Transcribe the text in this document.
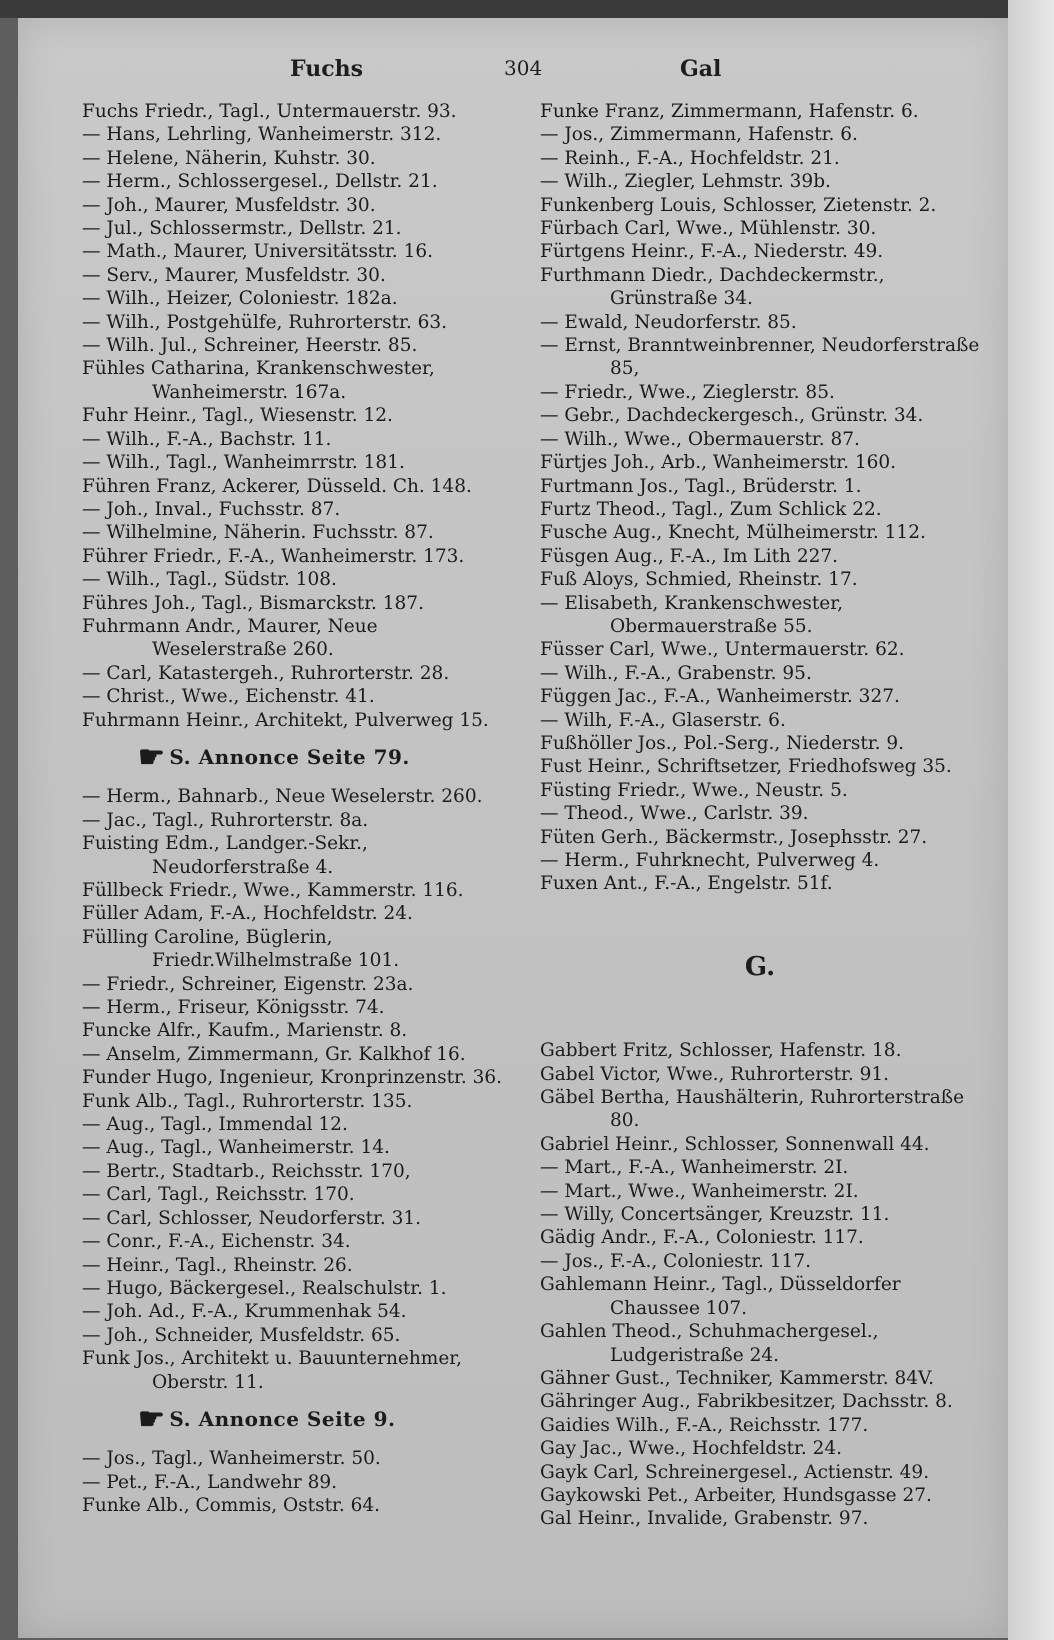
Fuchs	304	Gal
Fuchs Friedr., Tagl., Untermauerstr. 93.
— Hans, Lehrling, Wanheimerstr. 312.
— Helene, Näherin, Kuhstr. 30.
— Herm., Schlossergesel., Dellstr. 21.
— Joh., Maurer, Musfeldstr. 30.
— Jul., Schlossermstr., Dellstr. 21.
— Math., Maurer, Universitätsstr. 16.
— Serv., Maurer, Musfeldstr. 30.
— Wilh., Heizer, Coloniestr. 182a.
— Wilh., Postgehülfe, Ruhrorterstr. 63.
— Wilh. Jul., Schreiner, Heerstr. 85.
Fühles Catharina, Krankenschwester, Wanheimerstr. 167a.
Fuhr Heinr., Tagl., Wiesenstr. 12.
— Wilh., F.-A., Bachstr. 11.
— Wilh., Tagl., Wanheimrrstr. 181.
Führen Franz, Ackerer, Düsseld. Ch. 148.
— Joh., Inval., Fuchsstr. 87.
— Wilhelmine, Näherin. Fuchsstr. 87.
Führer Friedr., F.-A., Wanheimerstr. 173.
— Wilh., Tagl., Südstr. 108.
Führes Joh., Tagl., Bismarckstr. 187.
Fuhrmann Andr., Maurer, Neue Weselerstraße 260.
— Carl, Katastergeh., Ruhrorterstr. 28.
— Christ., Wwe., Eichenstr. 41.
Fuhrmann Heinr., Architekt, Pulverweg 15.
☛ S. Annonce Seite 79.
— Herm., Bahnarb., Neue Weselerstr. 260.
— Jac., Tagl., Ruhrorterstr. 8a.
Fuisting Edm., Landger.-Sekr., Neudorferstraße 4.
Füllbeck Friedr., Wwe., Kammerstr. 116.
Füller Adam, F.-A., Hochfeldstr. 24.
Fülling Caroline, Büglerin, Friedr.Wilhelmstraße 101.
— Friedr., Schreiner, Eigenstr. 23a.
— Herm., Friseur, Königsstr. 74.
Funcke Alfr., Kaufm., Marienstr. 8.
— Anselm, Zimmermann, Gr. Kalkhof 16.
Funder Hugo, Ingenieur, Kronprinzenstr. 36.
Funk Alb., Tagl., Ruhrorterstr. 135.
— Aug., Tagl., Immendal 12.
— Aug., Tagl., Wanheimerstr. 14.
— Bertr., Stadtarb., Reichsstr. 170,
— Carl, Tagl., Reichsstr. 170.
— Carl, Schlosser, Neudorferstr. 31.
— Conr., F.-A., Eichenstr. 34.
— Heinr., Tagl., Rheinstr. 26.
— Hugo, Bäckergesel., Realschulstr. 1.
— Joh. Ad., F.-A., Krummenhak 54.
— Joh., Schneider, Musfeldstr. 65.
Funk Jos., Architekt u. Bauunternehmer, Oberstr. 11.
☛ S. Annonce Seite 9.
— Jos., Tagl., Wanheimerstr. 50.
— Pet., F.-A., Landwehr 89.
Funke Alb., Commis, Oststr. 64.
Funke Franz, Zimmermann, Hafenstr. 6.
— Jos., Zimmermann, Hafenstr. 6.
— Reinh., F.-A., Hochfeldstr. 21.
— Wilh., Ziegler, Lehmstr. 39b.
Funkenberg Louis, Schlosser, Zietenstr. 2.
Fürbach Carl, Wwe., Mühlenstr. 30.
Fürtgens Heinr., F.-A., Niederstr. 49.
Furthmann Diedr., Dachdeckermstr., Grünstraße 34.
— Ewald, Neudorferstr. 85.
— Ernst, Branntweinbrenner, Neudorferstraße 85,
— Friedr., Wwe., Zieglerstr. 85.
— Gebr., Dachdeckergesch., Grünstr. 34.
— Wilh., Wwe., Obermauerstr. 87.
Fürtjes Joh., Arb., Wanheimerstr. 160.
Furtmann Jos., Tagl., Brüderstr. 1.
Furtz Theod., Tagl., Zum Schlick 22.
Fusche Aug., Knecht, Mülheimerstr. 112.
Füsgen Aug., F.-A., Im Lith 227.
Fuß Aloys, Schmied, Rheinstr. 17.
— Elisabeth, Krankenschwester, Obermauerstraße 55.
Füsser Carl, Wwe., Untermauerstr. 62.
— Wilh., F.-A., Grabenstr. 95.
Függen Jac., F.-A., Wanheimerstr. 327.
— Wilh, F.-A., Glaserstr. 6.
Fußhöller Jos., Pol.-Serg., Niederstr. 9.
Fust Heinr., Schriftsetzer, Friedhofsweg 35.
Füsting Friedr., Wwe., Neustr. 5.
— Theod., Wwe., Carlstr. 39.
Füten Gerh., Bäckermstr., Josephsstr. 27.
— Herm., Fuhrknecht, Pulverweg 4.
Fuxen Ant., F.-A., Engelstr. 51f.
G.
Gabbert Fritz, Schlosser, Hafenstr. 18.
Gabel Victor, Wwe., Ruhrorterstr. 91.
Gäbel Bertha, Haushälterin, Ruhrorterstraße 80.
Gabriel Heinr., Schlosser, Sonnenwall 44.
— Mart., F.-A., Wanheimerstr. 2I.
— Mart., Wwe., Wanheimerstr. 2I.
— Willy, Concertsänger, Kreuzstr. 11.
Gädig Andr., F.-A., Coloniestr. 117.
— Jos., F.-A., Coloniestr. 117.
Gahlemann Heinr., Tagl., Düsseldorfer Chaussee 107.
Gahlen Theod., Schuhmachergesel., Ludgeristraße 24.
Gähner Gust., Techniker, Kammerstr. 84V.
Gähringer Aug., Fabrikbesitzer, Dachsstr. 8.
Gaidies Wilh., F.-A., Reichsstr. 177.
Gay Jac., Wwe., Hochfeldstr. 24.
Gayk Carl, Schreinergesel., Actienstr. 49.
Gaykowski Pet., Arbeiter, Hundsgasse 27.
Gal Heinr., Invalide, Grabenstr. 97.
